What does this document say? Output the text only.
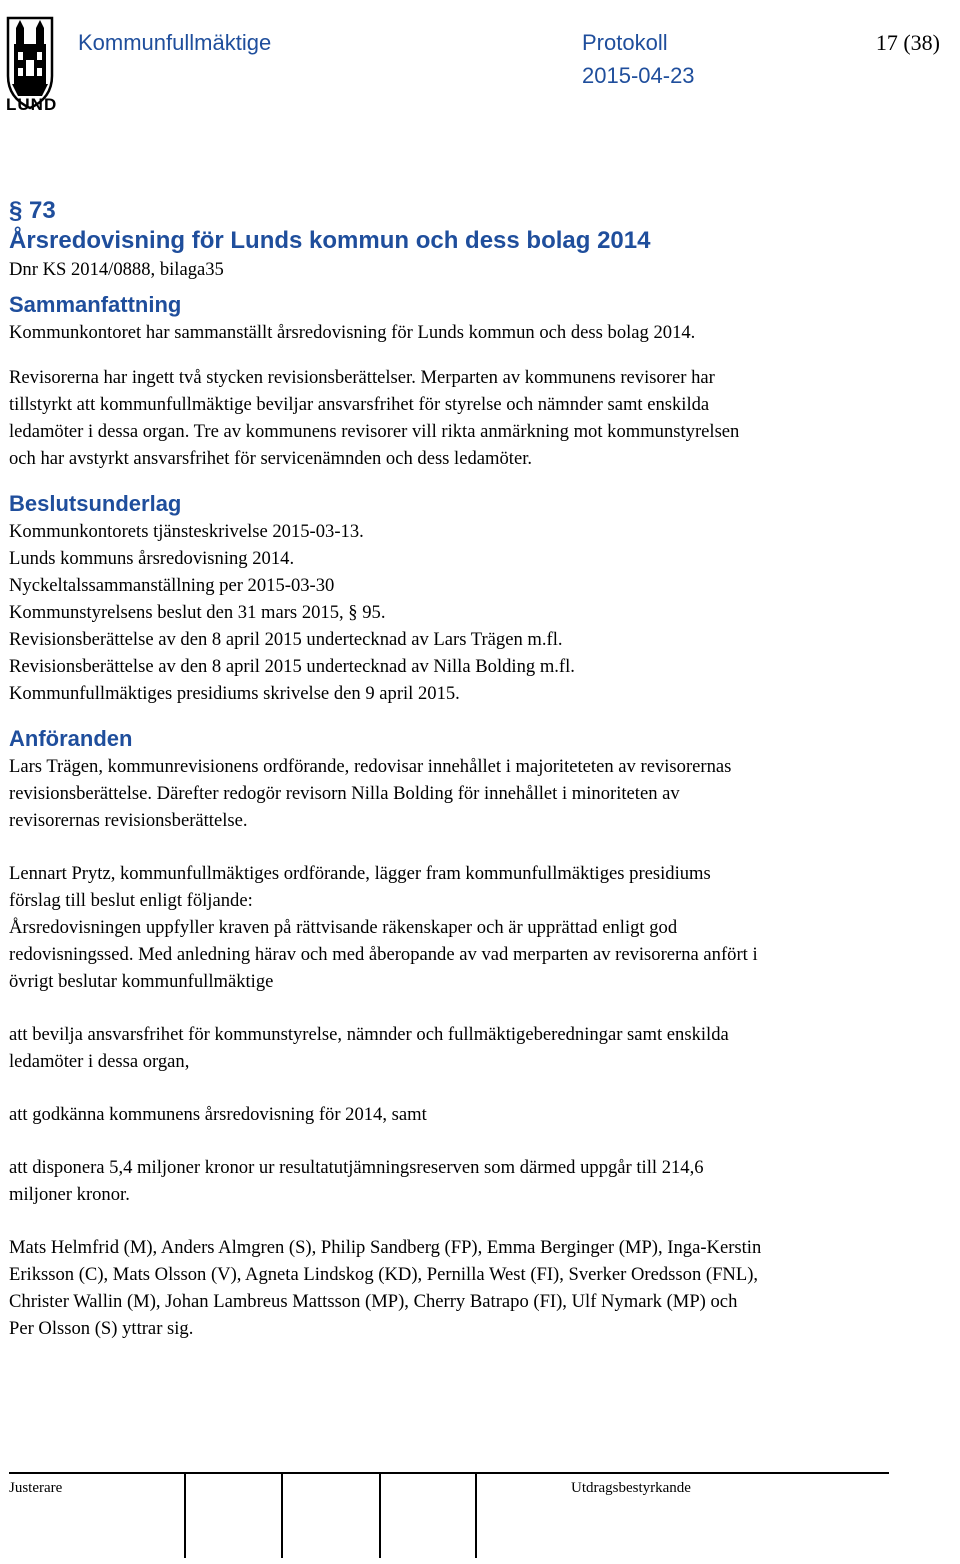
LUND
Kommunfullmäktige	Protokoll
2015-04-23
17 (38)
§ 73
Årsredovisning för Lunds kommun och dess bolag 2014

Dnr KS 2014/0888, bilaga35

Sammanfattning

Kommunkontoret har sammanställt årsredovisning för Lunds kommun och dess bolag 2014.

Revisorerna har ingett två stycken revisionsberättelser. Merparten av kommunens revisorer har
tillstyrkt att kommunfullmäktige beviljar ansvarsfrihet för styrelse och nämnder samt enskilda
ledamöter i dessa organ. Tre av kommunens revisorer vill rikta anmärkning mot kommunstyrelsen
och har avstyrkt ansvarsfrihet för servicenämnden och dess ledamöter.
Beslutsunderlag
Kommunkontorets tjänsteskrivelse 2015-03-13.
Lunds kommuns årsredovisning 2014.
Nyckeltalssammanställning per 2015-03-30
Kommunstyrelsens beslut den 31 mars 2015, § 95.
Revisionsberättelse av den 8 april 2015 undertecknad av Lars Trägen m.fl.
Revisionsberättelse av den 8 april 2015 undertecknad av Nilla Bolding m.fl.
Kommunfullmäktiges presidiums skrivelse den 9 april 2015.
Anföranden
Lars Trägen, kommunrevisionens ordförande, redovisar innehållet i majoriteteten av revisorernas
revisionsberättelse. Därefter redogör revisorn Nilla Bolding för innehållet i minoriteten av
revisorernas revisionsberättelse.
Lennart Prytz, kommunfullmäktiges ordförande, lägger fram kommunfullmäktiges presidiums
förslag till beslut enligt följande:
Årsredovisningen uppfyller kraven på rättvisande räkenskaper och är upprättad enligt god
redovisningssed. Med anledning härav och med åberopande av vad merparten av revisorerna anfört i
övrigt beslutar kommunfullmäktige
att bevilja ansvarsfrihet för kommunstyrelse, nämnder och fullmäktigeberedningar samt enskilda
ledamöter i dessa organ,

att godkänna kommunens årsredovisning för 2014, samt

att disponera 5,4 miljoner kronor ur resultatutjämningsreserven som därmed uppgår till 214,6
miljoner kronor.
Mats Helmfrid (M), Anders Almgren (S), Philip Sandberg (FP), Emma Berginger (MP), Inga-Kerstin
Eriksson (C), Mats Olsson (V), Agneta Lindskog (KD), Pernilla West (FI), Sverker Oredsson (FNL),
Christer Wallin (M), Johan Lambreus Mattsson (MP), Cherry Batrapo (FI), Ulf Nymark (MP) och
Per Olsson (S) yttrar sig.
Justerare	Utdragsbestyrkande
